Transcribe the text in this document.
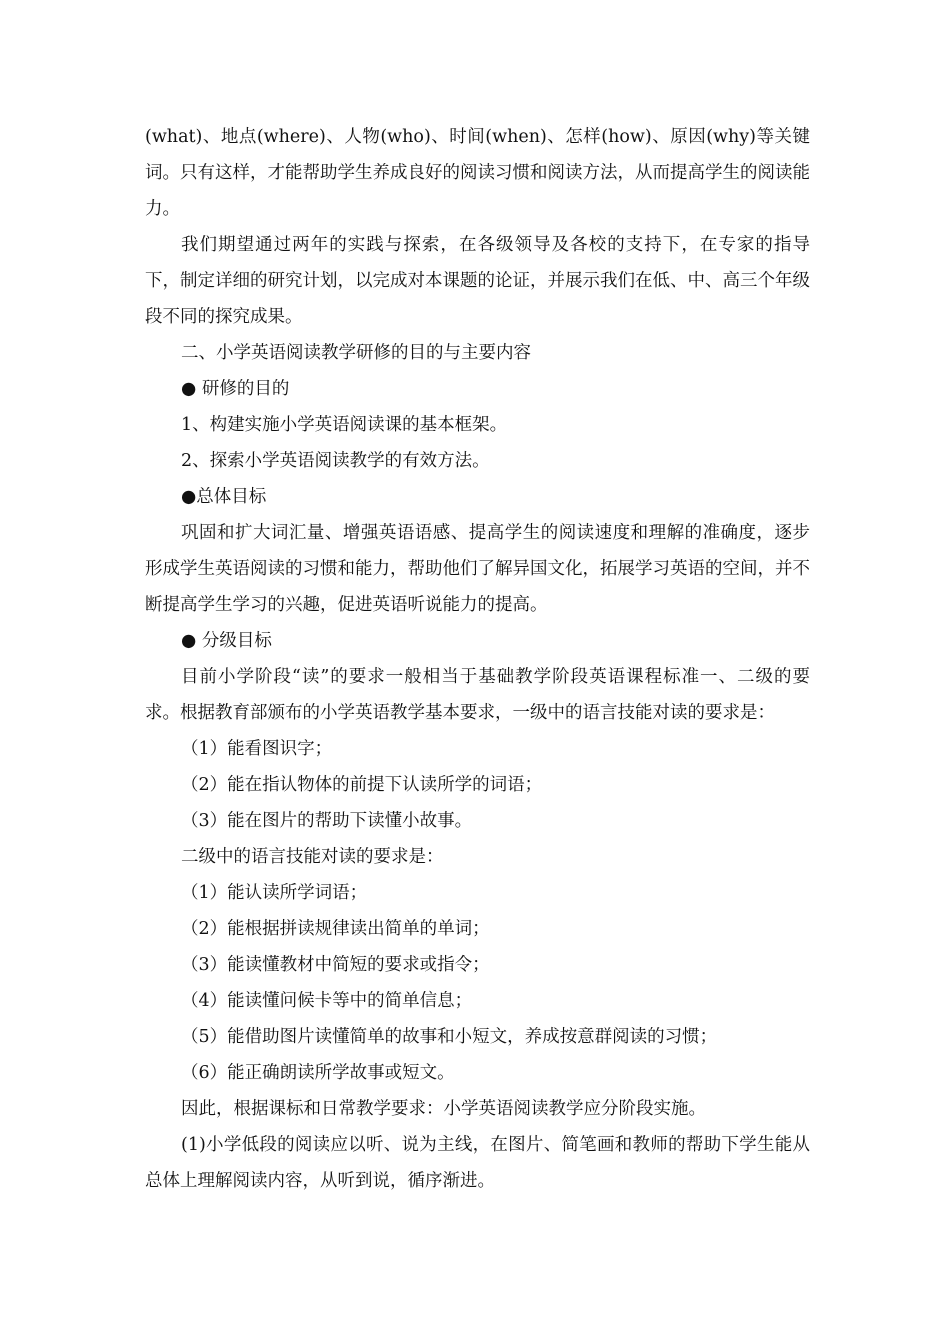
(what)、地点(where)、人物(who)、时间(when)、怎样(how)、原因(why)等关键词。只有这样，才能帮助学生养成良好的阅读习惯和阅读方法，从而提高学生的阅读能力。

我们期望通过两年的实践与探索，在各级领导及各校的支持下，在专家的指导下，制定详细的研究计划，以完成对本课题的论证，并展示我们在低、中、高三个年级段不同的探究成果。

二、小学英语阅读教学研修的目的与主要内容

● 研修的目的

1、构建实施小学英语阅读课的基本框架。

2、探索小学英语阅读教学的有效方法。

●总体目标

巩固和扩大词汇量、增强英语语感、提高学生的阅读速度和理解的准确度，逐步形成学生英语阅读的习惯和能力，帮助他们了解异国文化，拓展学习英语的空间，并不断提高学生学习的兴趣，促进英语听说能力的提高。

● 分级目标

目前小学阶段“读”的要求一般相当于基础教学阶段英语课程标准一、二级的要求。根据教育部颁布的小学英语教学基本要求，一级中的语言技能对读的要求是：

（1）能看图识字；

（2）能在指认物体的前提下认读所学的词语；

（3）能在图片的帮助下读懂小故事。

二级中的语言技能对读的要求是：

（1）能认读所学词语；

（2）能根据拼读规律读出简单的单词；

（3）能读懂教材中简短的要求或指令；

（4）能读懂问候卡等中的简单信息；

（5）能借助图片读懂简单的故事和小短文，养成按意群阅读的习惯；

（6）能正确朗读所学故事或短文。

因此，根据课标和日常教学要求：小学英语阅读教学应分阶段实施。

(1)小学低段的阅读应以听、说为主线，在图片、简笔画和教师的帮助下学生能从总体上理解阅读内容，从听到说，循序渐进。
